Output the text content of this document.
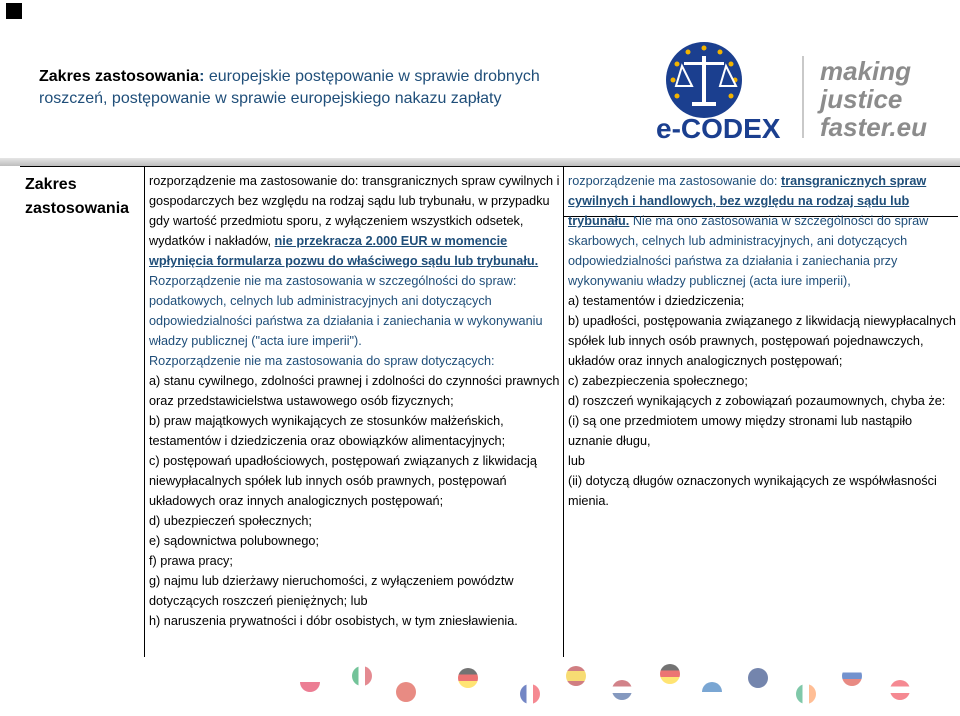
Zakres zastosowania: europejskie postępowanie w sprawie drobnych roszczeń, postępowanie w sprawie europejskiego nakazu zapłaty
e-CODEX
making
justice
faster.eu
Zakres zastosowania

rozporządzenie ma zastosowanie do: transgranicznych spraw cywilnych i gospodarczych bez względu na rodzaj sądu lub trybunału, w przypadku gdy wartość przedmiotu sporu, z wyłączeniem wszystkich odsetek, wydatków i nakładów, nie przekracza 2.000 EUR w momencie wpłynięcia formularza pozwu do właściwego sądu lub trybunału.

Rozporządzenie nie ma zastosowania w szczególności do spraw: podatkowych, celnych lub administracyjnych ani dotyczących odpowiedzialności państwa za działania i zaniechania w wykonywaniu władzy publicznej ("acta iure imperii").

Rozporządzenie nie ma zastosowania do spraw dotyczących:

a) stanu cywilnego, zdolności prawnej i zdolności do czynności prawnych oraz przedstawicielstwa ustawowego osób fizycznych;

b) praw majątkowych wynikających ze stosunków małżeńskich, testamentów i dziedziczenia oraz obowiązków alimentacyjnych;

c) postępowań upadłościowych, postępowań związanych z likwidacją niewypłacalnych spółek lub innych osób prawnych, postępowań układowych oraz innych analogicznych postępowań;

d) ubezpieczeń społecznych;

e) sądownictwa polubownego;

f) prawa pracy;

g) najmu lub dzierżawy nieruchomości, z wyłączeniem powództw dotyczących roszczeń pieniężnych; lub

h) naruszenia prywatności i dóbr osobistych, w tym zniesławienia.

rozporządzenie ma zastosowanie do: transgranicznych spraw cywilnych i handlowych, bez względu na rodzaj sądu lub trybunału. Nie ma ono zastosowania w szczególności do spraw skarbowych, celnych lub administracyjnych, ani dotyczących odpowiedzialności państwa za działania i zaniechania przy wykonywaniu władzy publicznej (acta iure imperii),

a) testamentów i dziedziczenia;

b) upadłości, postępowania związanego z likwidacją niewypłacalnych spółek lub innych osób prawnych, postępowań pojednawczych, układów oraz innych analogicznych postępowań;

c) zabezpieczenia społecznego;

d) roszczeń wynikających z zobowiązań pozaumownych, chyba że:

(i) są one przedmiotem umowy między stronami lub nastąpiło uznanie długu,

lub

(ii) dotyczą długów oznaczonych wynikających ze współwłasności mienia.
